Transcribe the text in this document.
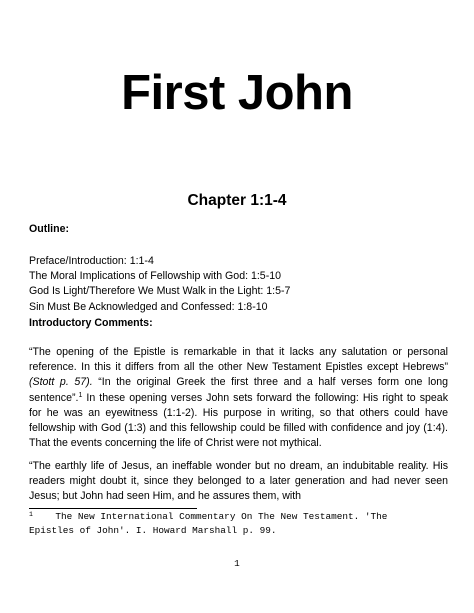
First John
Chapter 1:1-4
Outline:
Preface/Introduction: 1:1-4
The Moral Implications of Fellowship with God: 1:5-10
God Is Light/Therefore We Must Walk in the Light: 1:5-7
Sin Must Be Acknowledged and Confessed: 1:8-10
Introductory Comments:
“The opening of the Epistle is remarkable in that it lacks any salutation or personal reference. In this it differs from all the other New Testament Epistles except Hebrews” (Stott p. 57). “In the original Greek the first three and a half verses form one long sentence”.$^1$ In these opening verses John sets forward the following: His right to speak for he was an eyewitness (1:1-2). His purpose in writing, so that others could have fellowship with God (1:3) and this fellowship could be filled with confidence and joy (1:4). That the events concerning the life of Christ were not mythical.
“The earthly life of Jesus, an ineffable wonder but no dream, an indubitable reality. His readers might doubt it, since they belonged to a later generation and had never seen Jesus; but John had seen Him, and he assures them, with
$^1$    The New International Commentary On The New Testament. 'The
Epistles of John'. I. Howard Marshall p. 99.
1
